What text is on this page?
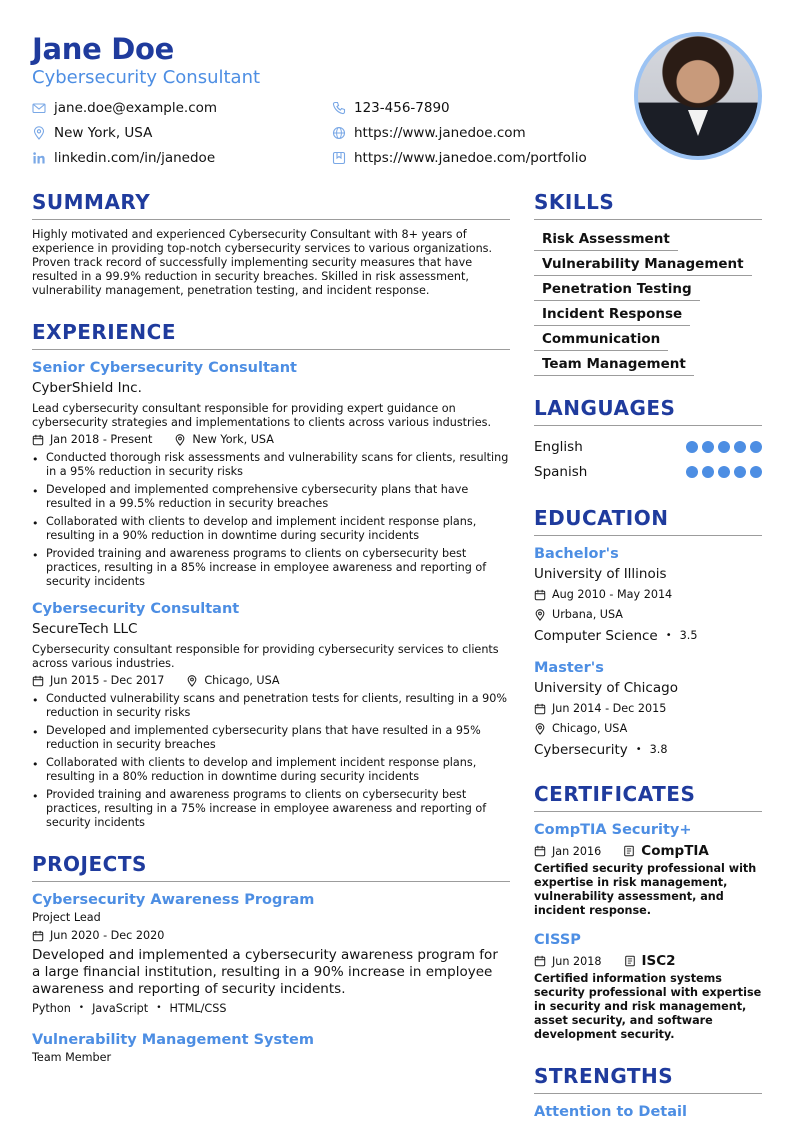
Jane Doe
Cybersecurity Consultant
jane.doe@example.com	123-456-7890
New York, USA	https://www.janedoe.com
linkedin.com/in/janedoe	https://www.janedoe.com/portfolio
SUMMARY
Highly motivated and experienced Cybersecurity Consultant with 8+ years of experience in providing top-notch cybersecurity services to various organizations. Proven track record of successfully implementing security measures that have resulted in a 99.9% reduction in security breaches. Skilled in risk assessment, vulnerability management, penetration testing, and incident response.
EXPERIENCE
Senior Cybersecurity Consultant
CyberShield Inc.
Lead cybersecurity consultant responsible for providing expert guidance on cybersecurity strategies and implementations to clients across various industries.
Jan 2018 - Present	New York, USA
• Conducted thorough risk assessments and vulnerability scans for clients, resulting in a 95% reduction in security risks
• Developed and implemented comprehensive cybersecurity plans that have resulted in a 99.5% reduction in security breaches
• Collaborated with clients to develop and implement incident response plans, resulting in a 90% reduction in downtime during security incidents
• Provided training and awareness programs to clients on cybersecurity best practices, resulting in a 85% increase in employee awareness and reporting of security incidents
Cybersecurity Consultant
SecureTech LLC
Cybersecurity consultant responsible for providing cybersecurity services to clients across various industries.
Jun 2015 - Dec 2017	Chicago, USA
• Conducted vulnerability scans and penetration tests for clients, resulting in a 90% reduction in security risks
• Developed and implemented cybersecurity plans that have resulted in a 95% reduction in security breaches
• Collaborated with clients to develop and implement incident response plans, resulting in a 80% reduction in downtime during security incidents
• Provided training and awareness programs to clients on cybersecurity best practices, resulting in a 75% increase in employee awareness and reporting of security incidents
PROJECTS
Cybersecurity Awareness Program
Project Lead
Jun 2020 - Dec 2020
Developed and implemented a cybersecurity awareness program for a large financial institution, resulting in a 90% increase in employee awareness and reporting of security incidents.
Python • JavaScript • HTML/CSS
Vulnerability Management System
Team Member
SKILLS
Risk Assessment
Vulnerability Management
Penetration Testing
Incident Response
Communication
Team Management
LANGUAGES
English
Spanish
EDUCATION
Bachelor's
University of Illinois
Aug 2010 - May 2014
Urbana, USA
Computer Science • 3.5
Master's
University of Chicago
Jun 2014 - Dec 2015
Chicago, USA
Cybersecurity • 3.8
CERTIFICATES
CompTIA Security+
Jan 2016	CompTIA
Certified security professional with expertise in risk management, vulnerability assessment, and incident response.
CISSP
Jun 2018	ISC2
Certified information systems security professional with expertise in security and risk management, asset security, and software development security.
STRENGTHS
Attention to Detail
